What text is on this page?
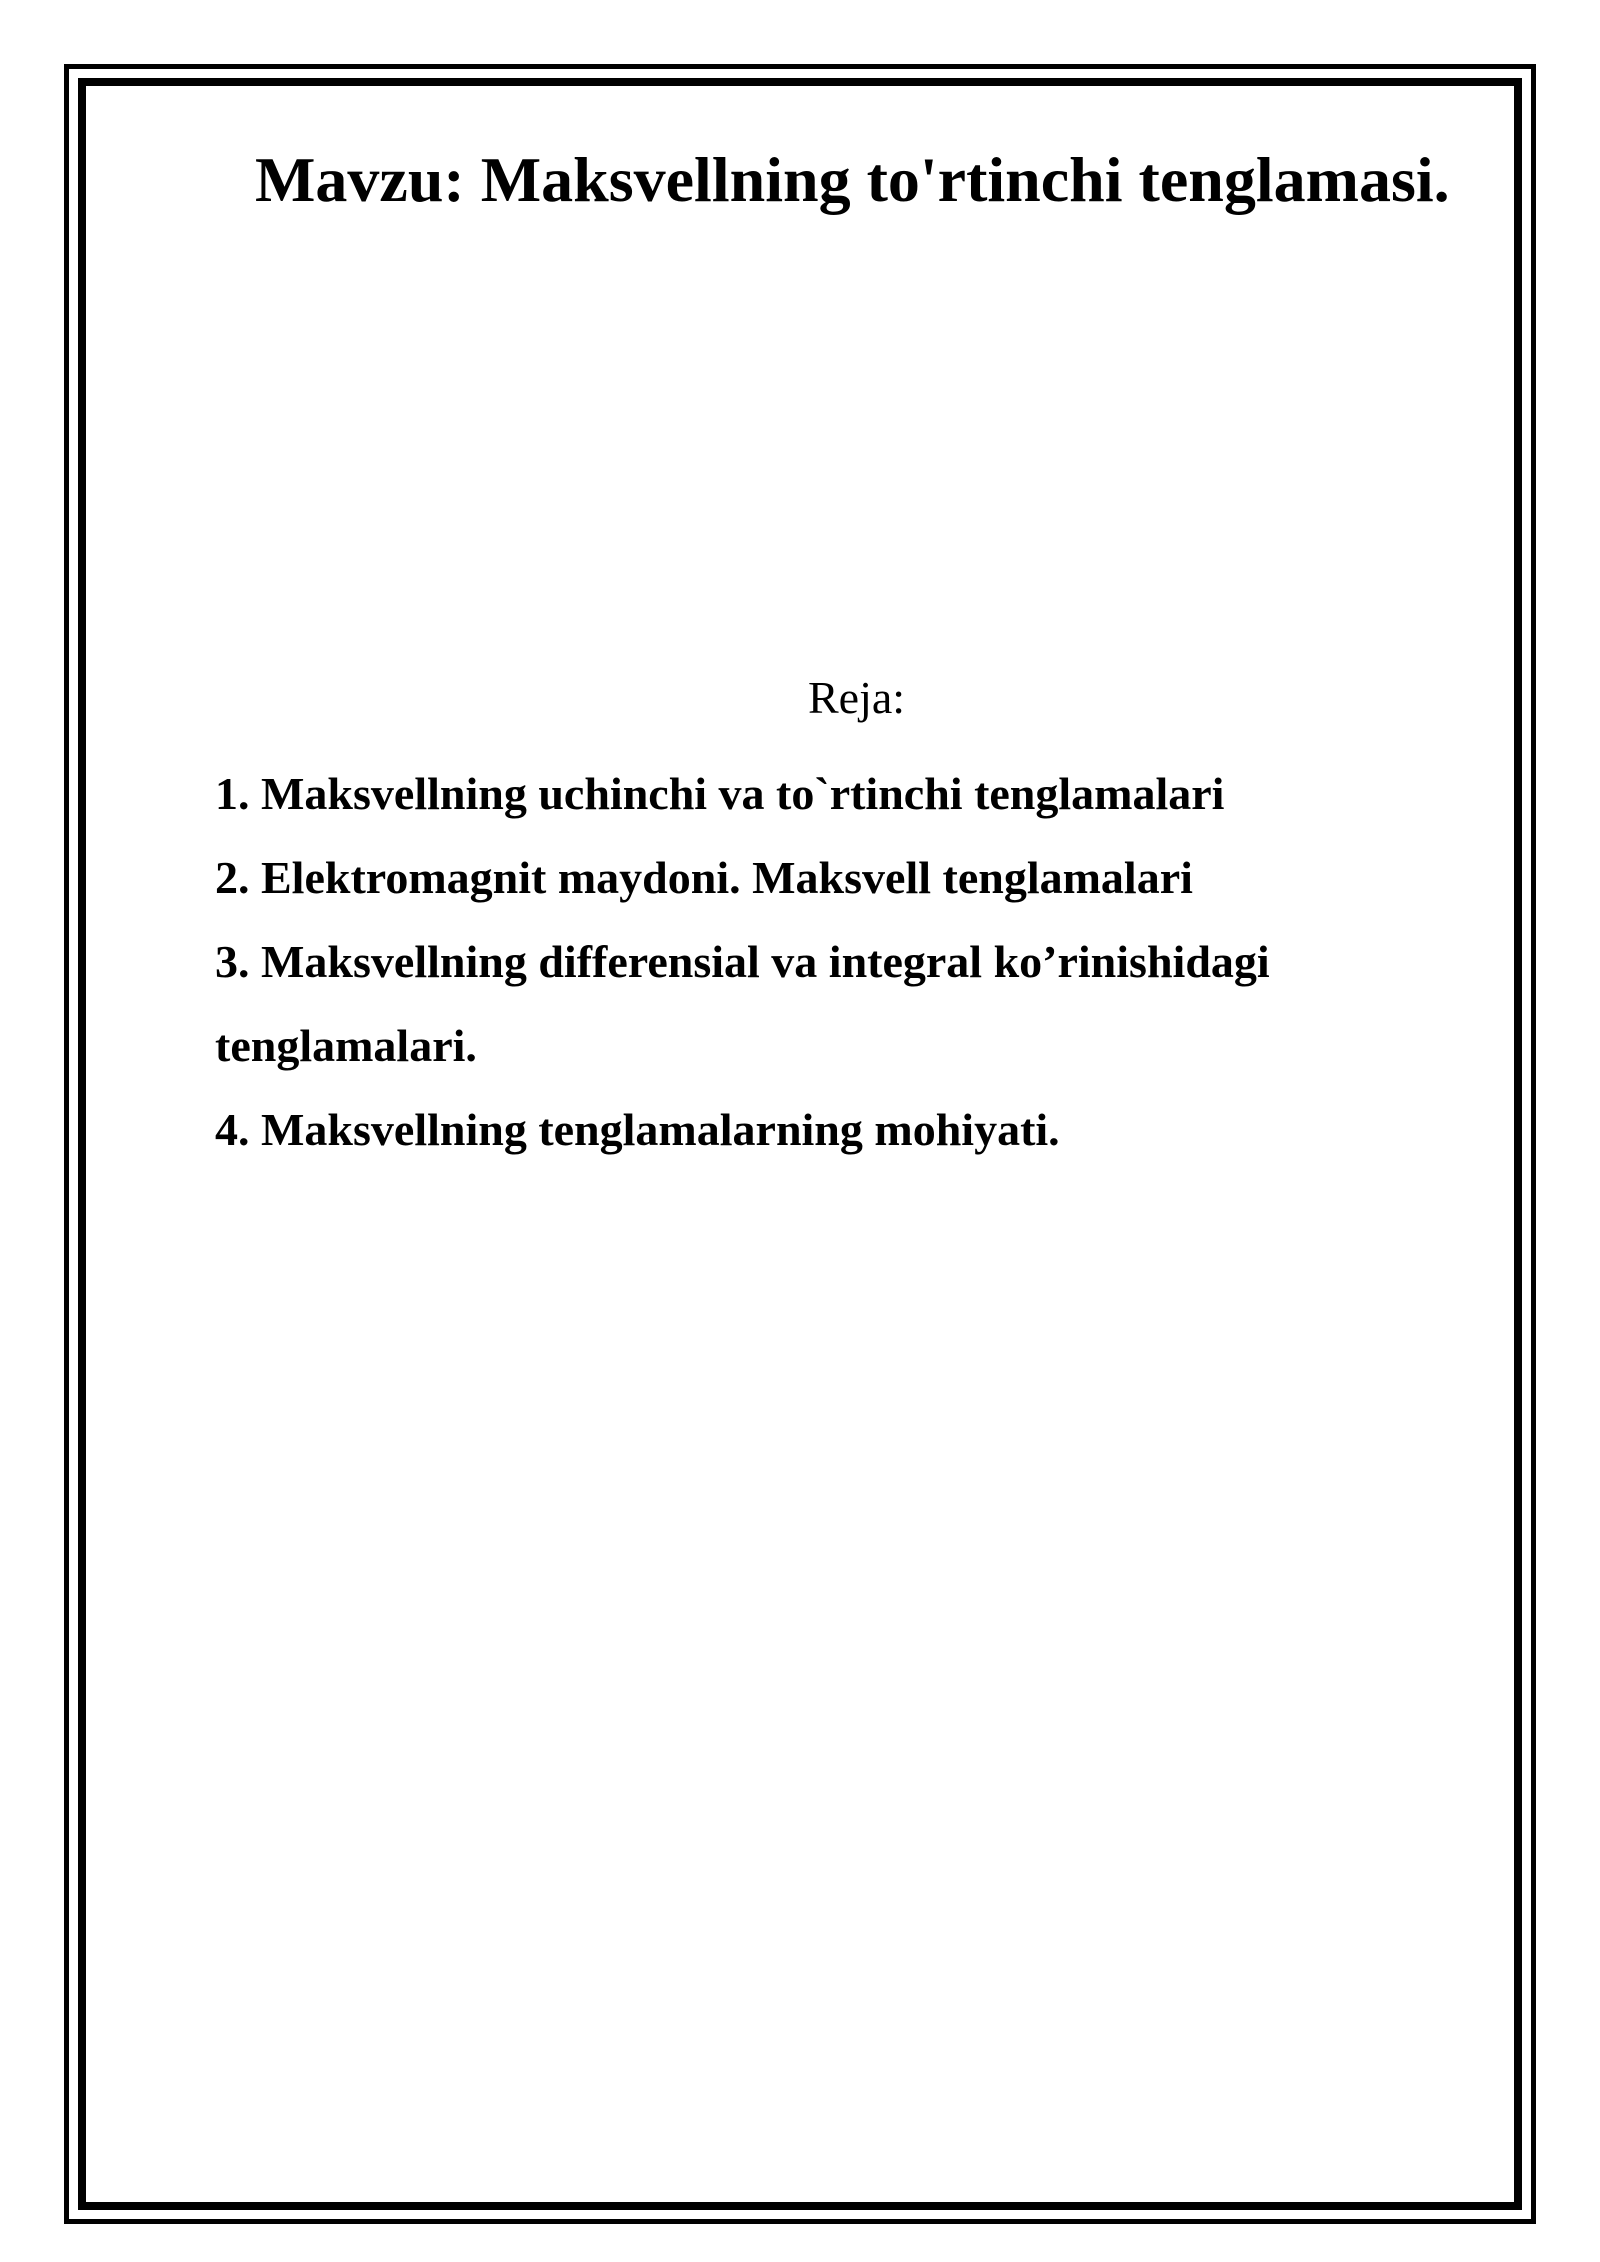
Mavzu: Maksvellning to'rtinchi tenglamasi.
Reja:
1. Maksvellning uchinchi va to`rtinchi tenglamalari
2. Elektromagnit maydoni. Maksvell tenglamalari
3. Maksvellning differensial va integral ko’rinishidagi
tenglamalari.
4. Maksvellning tenglamalarning mohiyati.
